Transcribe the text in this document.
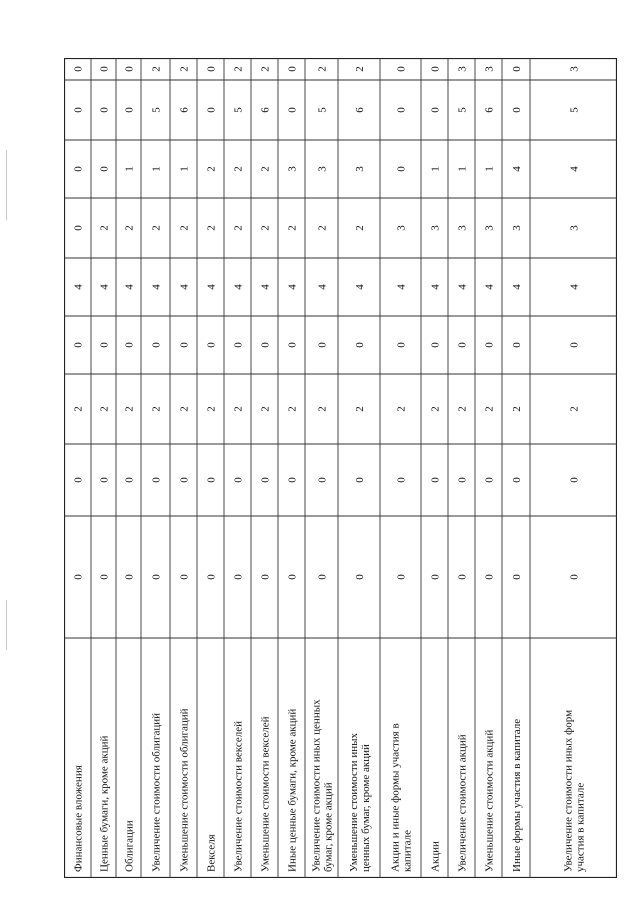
Финансовые вложения
0
0
2
0
4
0
0
0
0
Ценные бумаги, кроме акций
0
0
2
0
4
2
0
0
0
Облигации
0
0
2
0
4
2
1
0
0
Увеличение стоимости облигаций
0
0
2
0
4
2
1
5
2
Уменьшение стоимости облигаций
0
0
2
0
4
2
1
6
2
Векселя
0
0
2
0
4
2
2
0
0
Увеличение стоимости векселей
0
0
2
0
4
2
2
5
2
Уменьшение стоимости векселей
0
0
2
0
4
2
2
6
2
Иные ценные бумаги, кроме акций
0
0
2
0
4
2
3
0
0
Увеличение стоимости иных ценных бумаг, кроме акций
0
0
2
0
4
2
3
5
2
Уменьшение стоимости иных ценных бумаг, кроме акций
0
0
2
0
4
2
3
6
2
Акции и иные формы участия в капитале
0
0
2
0
4
3
0
0
0
Акции
0
0
2
0
4
3
1
0
0
Увеличение стоимости акций
0
0
2
0
4
3
1
5
3
Уменьшение стоимости акций
0
0
2
0
4
3
1
6
3
Иные формы участия в капитале
0
0
2
0
4
3
4
0
0
Увеличение стоимости иных форм участия в капитале
0
0
2
0
4
3
4
5
3
